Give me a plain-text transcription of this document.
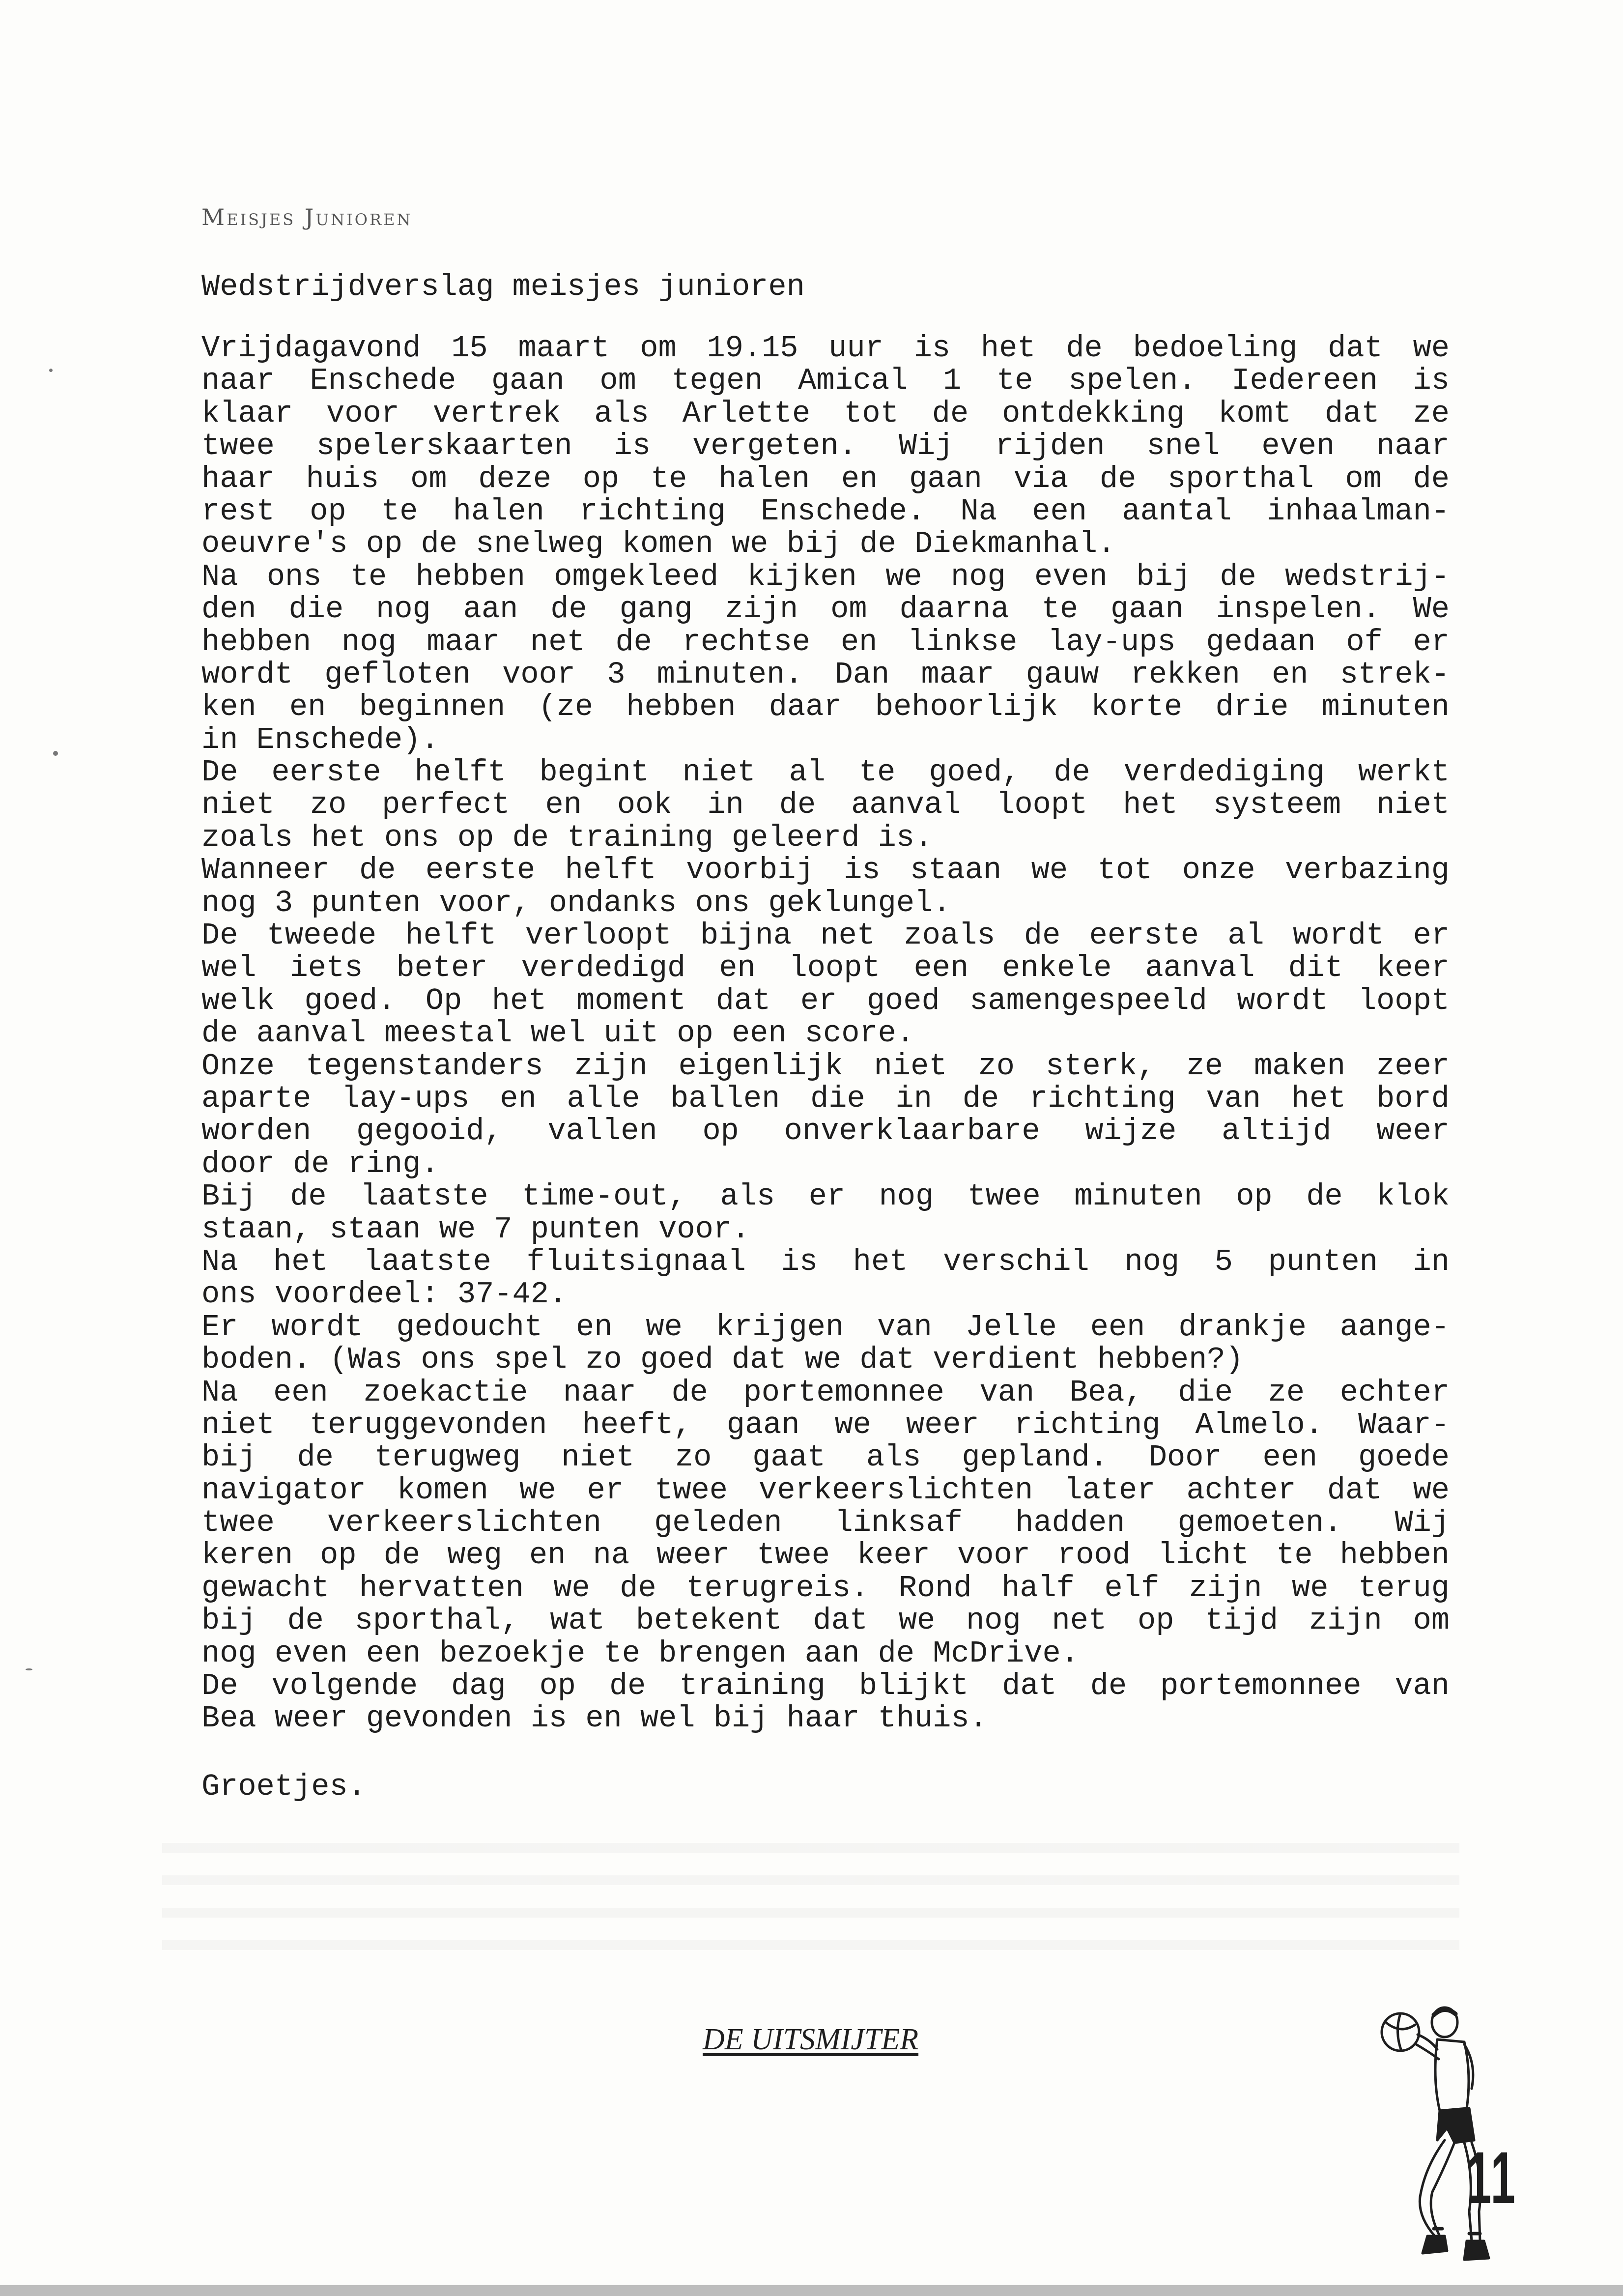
Meisjes Junioren
Wedstrijdverslag meisjes junioren
Vrijdagavond 15 maart om 19.15 uur is het de bedoeling dat we
naar Enschede gaan om tegen Amical 1 te spelen. Iedereen is
klaar voor vertrek als Arlette tot de ontdekking komt dat ze
twee spelerskaarten is vergeten. Wij rijden snel even naar
haar huis om deze op te halen en gaan via de sporthal om de
rest op te halen richting Enschede. Na een aantal inhaalman-
oeuvre's op de snelweg komen we bij de Diekmanhal.
Na ons te hebben omgekleed kijken we nog even bij de wedstrij-
den die nog aan de gang zijn om daarna te gaan inspelen. We
hebben nog maar net de rechtse en linkse lay-ups gedaan of er
wordt gefloten voor 3 minuten. Dan maar gauw rekken en strek-
ken en beginnen (ze hebben daar behoorlijk korte drie minuten
in Enschede).
De eerste helft begint niet al te goed, de verdediging werkt
niet zo perfect en ook in de aanval loopt het systeem niet
zoals het ons op de training geleerd is.
Wanneer de eerste helft voorbij is staan we tot onze verbazing
nog 3 punten voor, ondanks ons geklungel.
De tweede helft verloopt bijna net zoals de eerste al wordt er
wel iets beter verdedigd en loopt een enkele aanval dit keer
welk goed. Op het moment dat er goed samengespeeld wordt loopt
de aanval meestal wel uit op een score.
Onze tegenstanders zijn eigenlijk niet zo sterk, ze maken zeer
aparte lay-ups en alle ballen die in de richting van het bord
worden gegooid, vallen op onverklaarbare wijze altijd weer
door de ring.
Bij de laatste time-out, als er nog twee minuten op de klok
staan, staan we 7 punten voor.
Na het laatste fluitsignaal is het verschil nog 5 punten in
ons voordeel: 37-42.
Er wordt gedoucht en we krijgen van Jelle een drankje aange-
boden. (Was ons spel zo goed dat we dat verdient hebben?)
Na een zoekactie naar de portemonnee van Bea, die ze echter
niet teruggevonden heeft, gaan we weer richting Almelo. Waar-
bij de terugweg niet zo gaat als gepland. Door een goede
navigator komen we er twee verkeerslichten later achter dat we
twee verkeerslichten geleden linksaf hadden gemoeten. Wij
keren op de weg en na weer twee keer voor rood licht te hebben
gewacht hervatten we de terugreis. Rond half elf zijn we terug
bij de sporthal, wat betekent dat we nog net op tijd zijn om
nog even een bezoekje te brengen aan de McDrive.
De volgende dag op de training blijkt dat de portemonnee van
Bea weer gevonden is en wel bij haar thuis.
Groetjes.
DE UITSMIJTER
11
